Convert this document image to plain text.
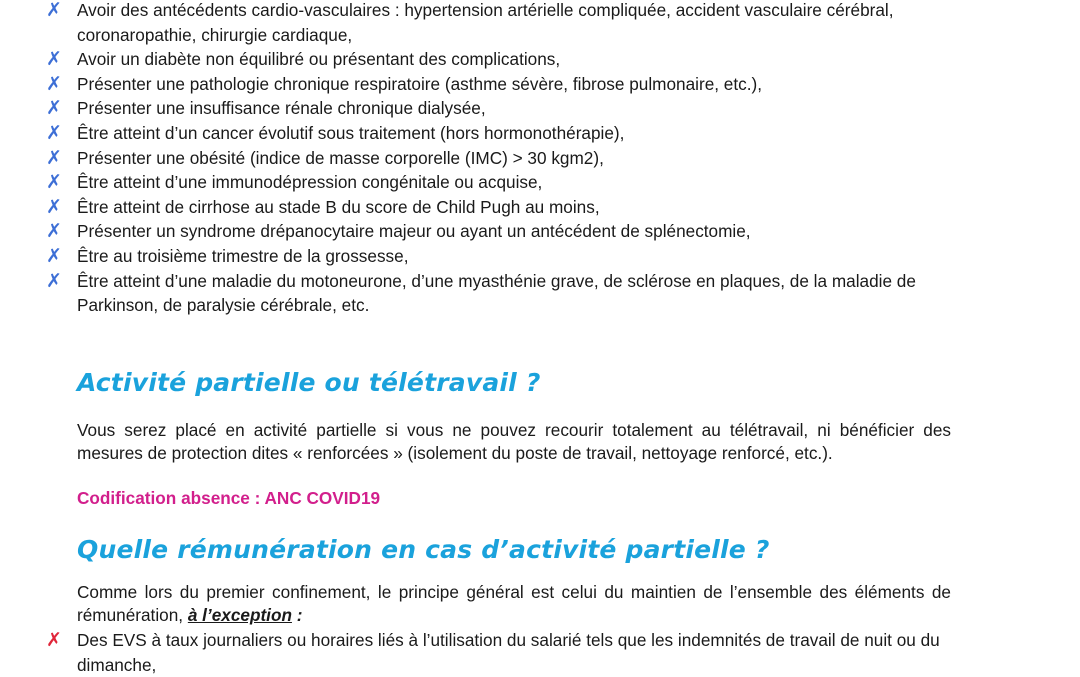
✗ Avoir des antécédents cardio-vasculaires : hypertension artérielle compliquée, accident vasculaire cérébral, coronaropathie, chirurgie cardiaque,
✗ Avoir un diabète non équilibré ou présentant des complications,
✗ Présenter une pathologie chronique respiratoire (asthme sévère, fibrose pulmonaire, etc.),
✗ Présenter une insuffisance rénale chronique dialysée,
✗ Être atteint d’un cancer évolutif sous traitement (hors hormonothérapie),
✗ Présenter une obésité (indice de masse corporelle (IMC) > 30 kgm2),
✗ Être atteint d’une immunodépression congénitale ou acquise,
✗ Être atteint de cirrhose au stade B du score de Child Pugh au moins,
✗ Présenter un syndrome drépanocytaire majeur ou ayant un antécédent de splénectomie,
✗ Être au troisième trimestre de la grossesse,
✗ Être atteint d’une maladie du motoneurone, d’une myasthénie grave, de sclérose en plaques, de la maladie de Parkinson, de paralysie cérébrale, etc.
Activité partielle ou télétravail ?

Vous serez placé en activité partielle si vous ne pouvez recourir totalement au télétravail, ni bénéficier des mesures de protection dites « renforcées » (isolement du poste de travail, nettoyage renforcé, etc.).

Codification absence : ANC COVID19

Quelle rémunération en cas d’activité partielle ?

Comme lors du premier confinement, le principe général est celui du maintien de l’ensemble des éléments de rémunération, à l’exception :

✗ Des EVS à taux journaliers ou horaires liés à l’utilisation du salarié tels que les indemnités de travail de nuit ou du dimanche,
